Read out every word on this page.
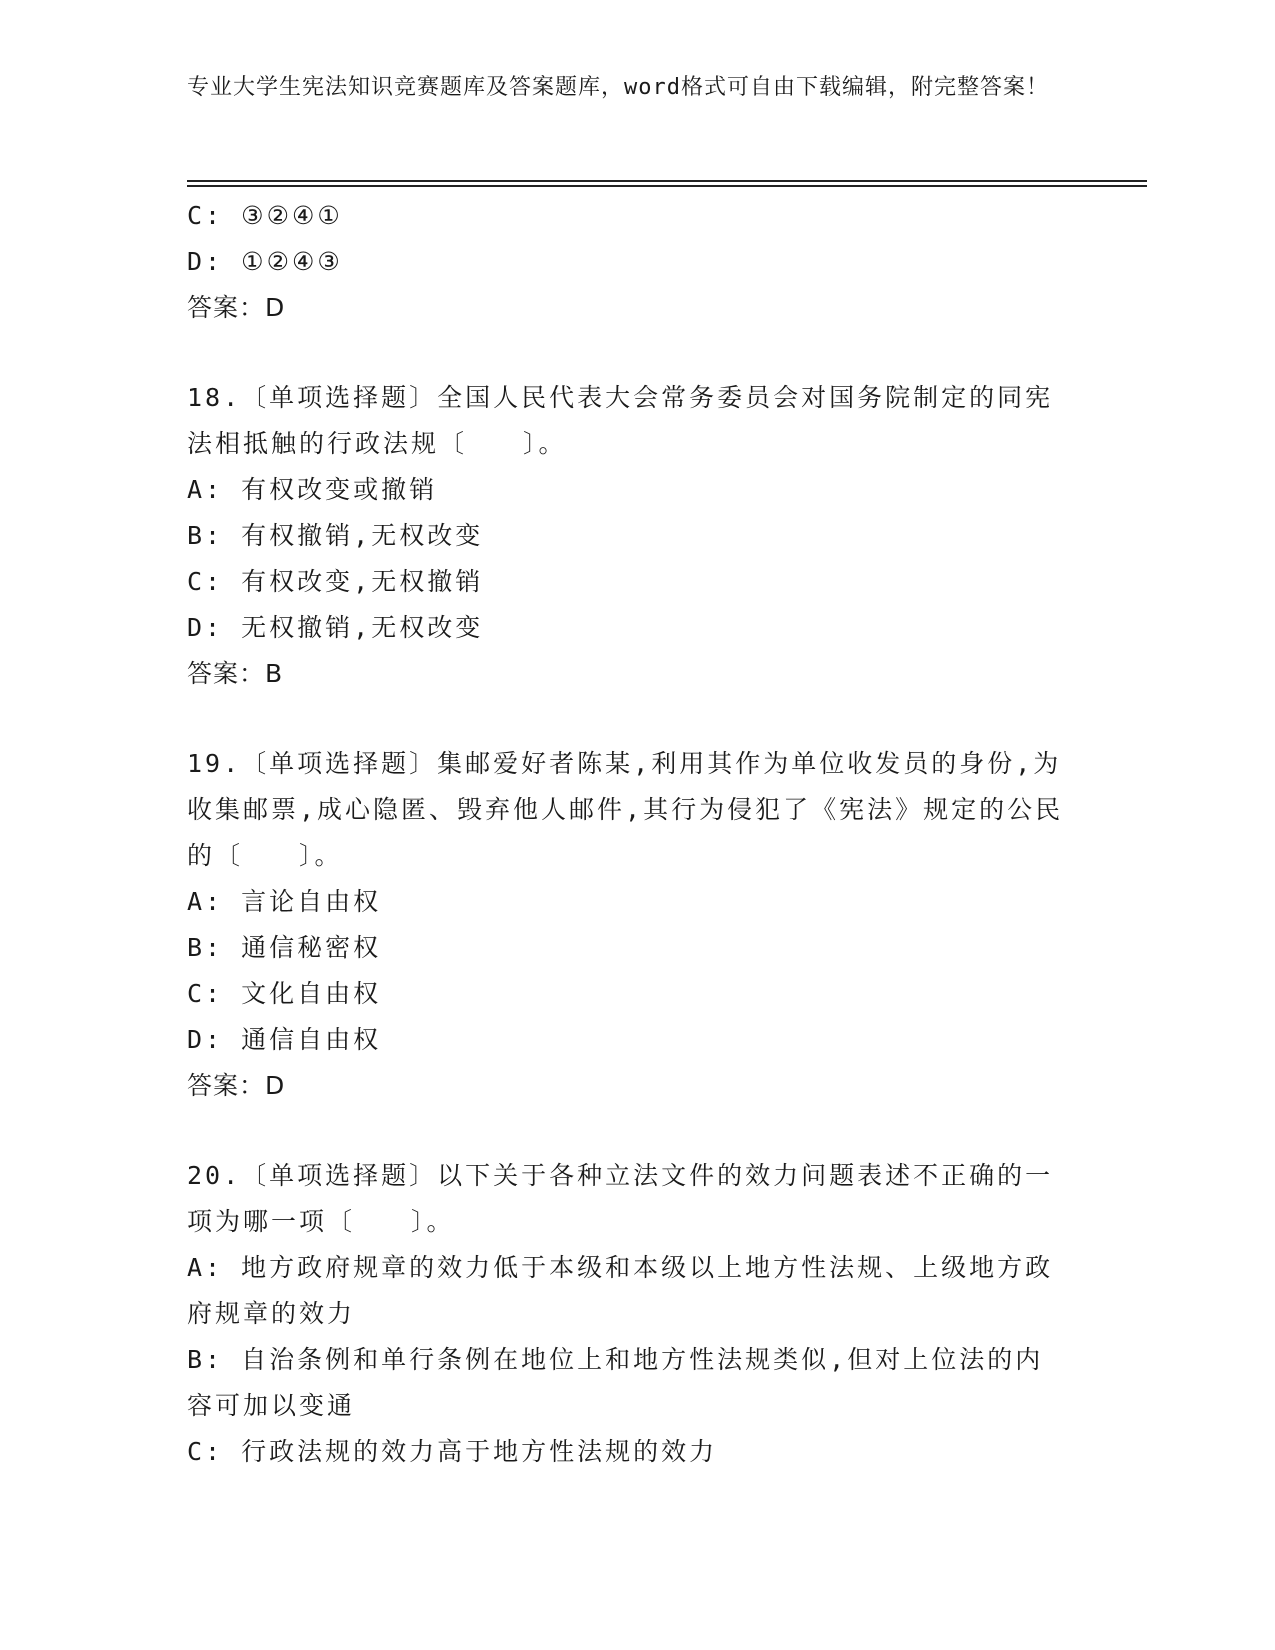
专业大学生宪法知识竞赛题库及答案题库，word格式可自由下载编辑，附完整答案！
C: ③②④①
D: ①②④③
答案：D
18.〔单项选择题〕全国人民代表大会常务委员会对国务院制定的同宪法相抵触的行政法规〔　　〕。
A: 有权改变或撤销
B: 有权撤销,无权改变
C: 有权改变,无权撤销
D: 无权撤销,无权改变
答案：B
19.〔单项选择题〕集邮爱好者陈某,利用其作为单位收发员的身份,为收集邮票,成心隐匿、毁弃他人邮件,其行为侵犯了《宪法》规定的公民的〔　　〕。
A: 言论自由权
B: 通信秘密权
C: 文化自由权
D: 通信自由权
答案：D
20.〔单项选择题〕以下关于各种立法文件的效力问题表述不正确的一项为哪一项〔　　〕。
A: 地方政府规章的效力低于本级和本级以上地方性法规、上级地方政府规章的效力
B: 自治条例和单行条例在地位上和地方性法规类似,但对上位法的内容可加以变通
C: 行政法规的效力高于地方性法规的效力
